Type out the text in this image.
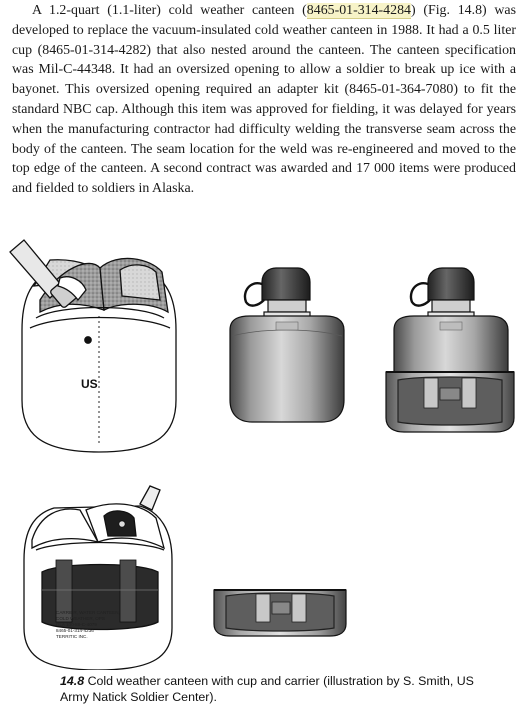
A 1.2-quart (1.1-liter) cold weather canteen (8465-01-314-4284) (Fig. 14.8) was developed to replace the vacuum-insulated cold weather canteen in 1988. It had a 0.5 liter cup (8465-01-314-4282) that also nested around the canteen. The canteen specification was Mil-C-44348. It had an oversized opening to allow a soldier to break up ice with a bayonet. This oversized opening required an adapter kit (8465-01-364-7080) to fit the standard NBC cap. Although this item was approved for fielding, it was delayed for years when the manufacturing contractor had difficulty welding the transverse seam across the body of the canteen. The seam location for the weld was re-engineered and moved to the top edge of the canteen. A second contract was awarded and 17 000 items were produced and fielded to soldiers in Alaska.

US
CARRIER, WATER CANTEEN,
COLD WEATHER, OPS
DLA 100-89-C-4079
8465-01-314-4236
TERRITIC INC.

14.8 Cold weather canteen with cup and carrier (illustration by S. Smith, US Army Natick Soldier Center).
